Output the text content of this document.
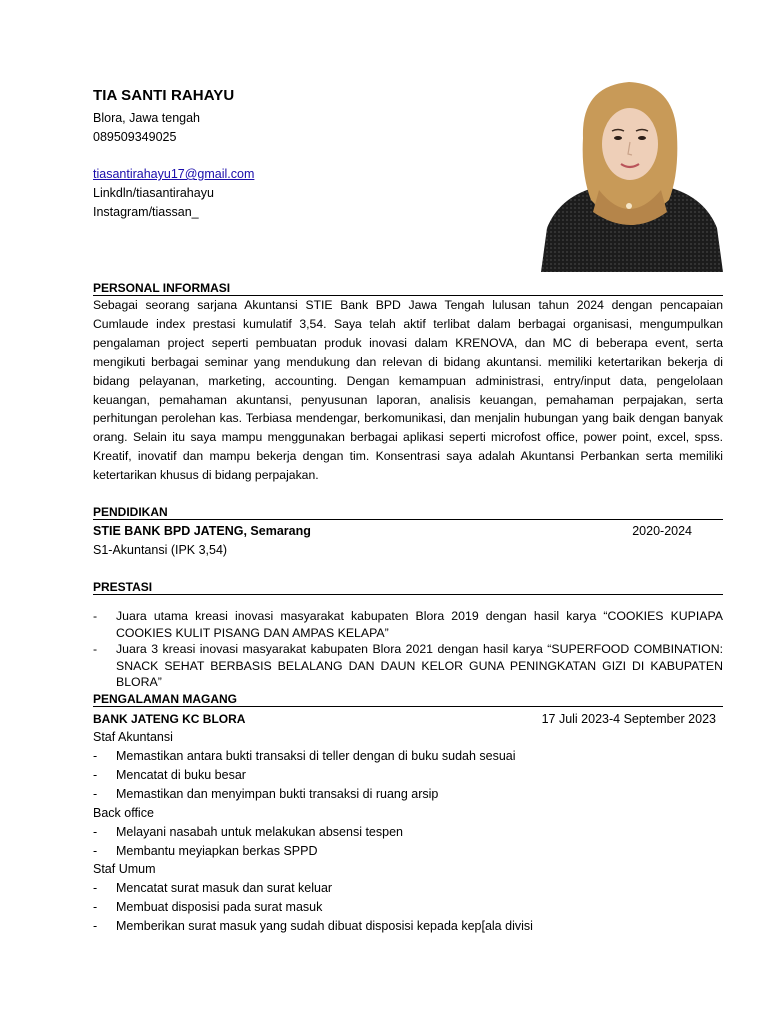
TIA SANTI RAHAYU
Blora, Jawa tengah
089509349025
tiasantirahayu17@gmail.com
Linkdln/tiasantirahayu
Instagram/tiassan_
PERSONAL INFORMASI
Sebagai seorang sarjana Akuntansi STIE Bank BPD Jawa Tengah lulusan tahun 2024 dengan pencapaian Cumlaude index prestasi kumulatif 3,54. Saya telah aktif terlibat dalam berbagai organisasi, mengumpulkan pengalaman project seperti pembuatan produk inovasi dalam KRENOVA, dan MC di beberapa event, serta mengikuti berbagai seminar yang mendukung dan relevan di bidang akuntansi. memiliki ketertarikan bekerja di bidang pelayanan, marketing, accounting. Dengan kemampuan administrasi, entry/input data, pengelolaan keuangan, pemahaman akuntansi, penyusunan laporan, analisis keuangan, pemahaman perpajakan, serta perhitungan perolehan kas. Terbiasa mendengar, berkomunikasi, dan menjalin hubungan yang baik dengan banyak orang. Selain itu saya mampu menggunakan berbagai aplikasi seperti microfost office, power point, excel, spss. Kreatif, inovatif dan mampu bekerja dengan tim. Konsentrasi saya adalah Akuntansi Perbankan serta memiliki ketertarikan khusus di bidang perpajakan.
PENDIDIKAN
STIE BANK BPD JATENG, Semarang	2020-2024
S1-Akuntansi (IPK 3,54)
PRESTASI
- Juara utama kreasi inovasi masyarakat kabupaten Blora 2019 dengan hasil karya “COOKIES KUPIAPA COOKIES KULIT PISANG DAN AMPAS KELAPA”
- Juara 3 kreasi inovasi masyarakat kabupaten Blora 2021 dengan hasil karya “SUPERFOOD COMBINATION: SNACK SEHAT BERBASIS BELALANG DAN DAUN KELOR GUNA PENINGKATAN GIZI DI KABUPATEN BLORA”
PENGALAMAN MAGANG
BANK JATENG KC BLORA	17 Juli 2023-4 September 2023
Staf Akuntansi
- Memastikan antara bukti transaksi di teller dengan di buku sudah sesuai
- Mencatat di buku besar
- Memastikan dan menyimpan bukti transaksi di ruang arsip
Back office
- Melayani nasabah untuk melakukan absensi tespen
- Membantu meyiapkan berkas SPPD
Staf Umum
- Mencatat surat masuk dan surat keluar
- Membuat disposisi pada surat masuk
- Memberikan surat masuk yang sudah dibuat disposisi kepada kep[ala divisi
